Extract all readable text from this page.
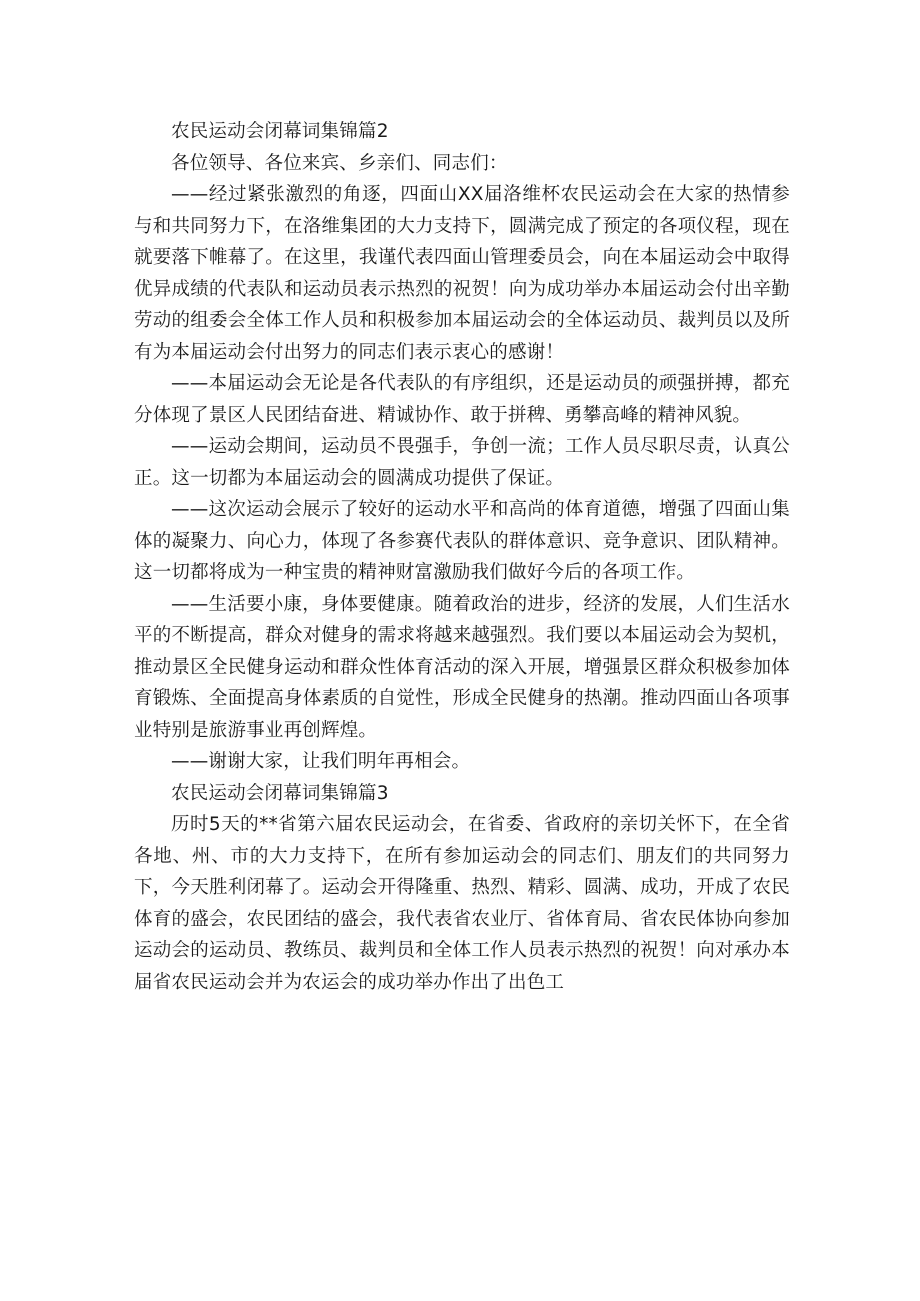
农民运动会闭幕词集锦篇2

各位领导、各位来宾、乡亲们、同志们：

——经过紧张激烈的角逐，四面山XX届洛维杯农民运动会在大家的热情参与和共同努力下，在洛维集团的大力支持下，圆满完成了预定的各项仪程，现在就要落下帷幕了。在这里，我谨代表四面山管理委员会，向在本届运动会中取得优异成绩的代表队和运动员表示热烈的祝贺！向为成功举办本届运动会付出辛勤劳动的组委会全体工作人员和积极参加本届运动会的全体运动员、裁判员以及所有为本届运动会付出努力的同志们表示衷心的感谢！

——本届运动会无论是各代表队的有序组织，还是运动员的顽强拼搏，都充分体现了景区人民团结奋进、精诚协作、敢于拼稗、勇攀高峰的精神风貌。

——运动会期间，运动员不畏强手，争创一流；工作人员尽职尽责，认真公正。这一切都为本届运动会的圆满成功提供了保证。

——这次运动会展示了较好的运动水平和高尚的体育道德，增强了四面山集体的凝聚力、向心力，体现了各参赛代表队的群体意识、竞争意识、团队精神。这一切都将成为一种宝贵的精神财富激励我们做好今后的各项工作。

——生活要小康，身体要健康。随着政治的进步，经济的发展，人们生活水平的不断提高，群众对健身的需求将越来越强烈。我们要以本届运动会为契机，推动景区全民健身运动和群众性体育活动的深入开展，增强景区群众积极参加体育锻炼、全面提高身体素质的自觉性，形成全民健身的热潮。推动四面山各项事业特别是旅游事业再创辉煌。

——谢谢大家，让我们明年再相会。

农民运动会闭幕词集锦篇3

历时5天的**省第六届农民运动会，在省委、省政府的亲切关怀下，在全省各地、州、市的大力支持下，在所有参加运动会的同志们、朋友们的共同努力下，今天胜利闭幕了。运动会开得隆重、热烈、精彩、圆满、成功，开成了农民体育的盛会，农民团结的盛会，我代表省农业厅、省体育局、省农民体协向参加运动会的运动员、教练员、裁判员和全体工作人员表示热烈的祝贺！向对承办本届省农民运动会并为农运会的成功举办作出了出色工
